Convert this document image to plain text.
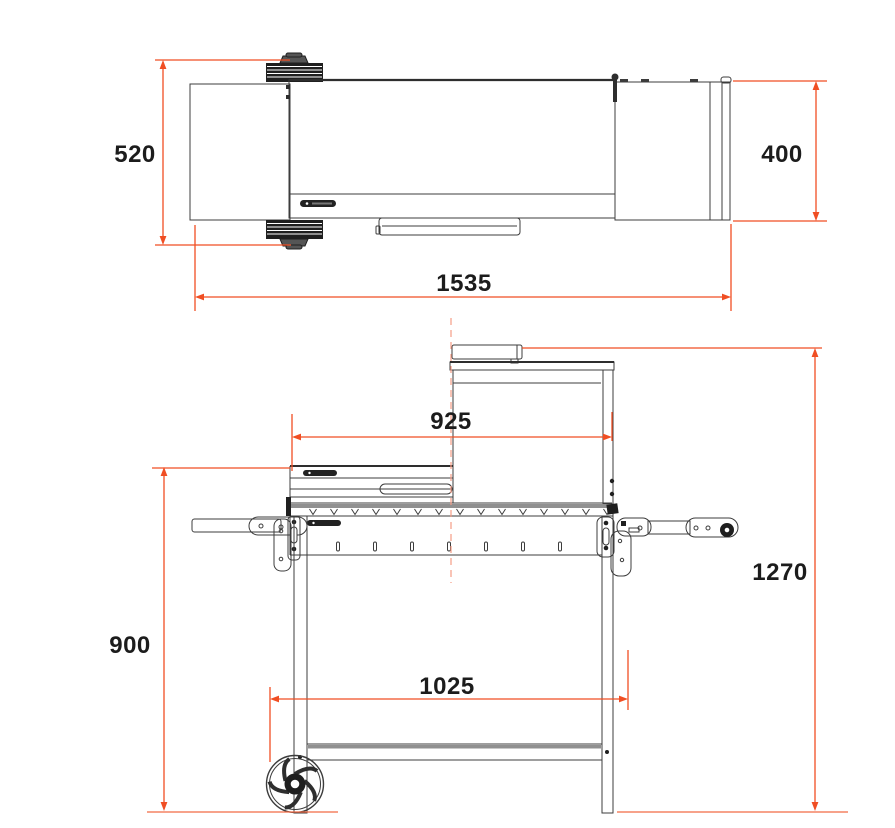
520	400
1535
925
1270
900
1025
